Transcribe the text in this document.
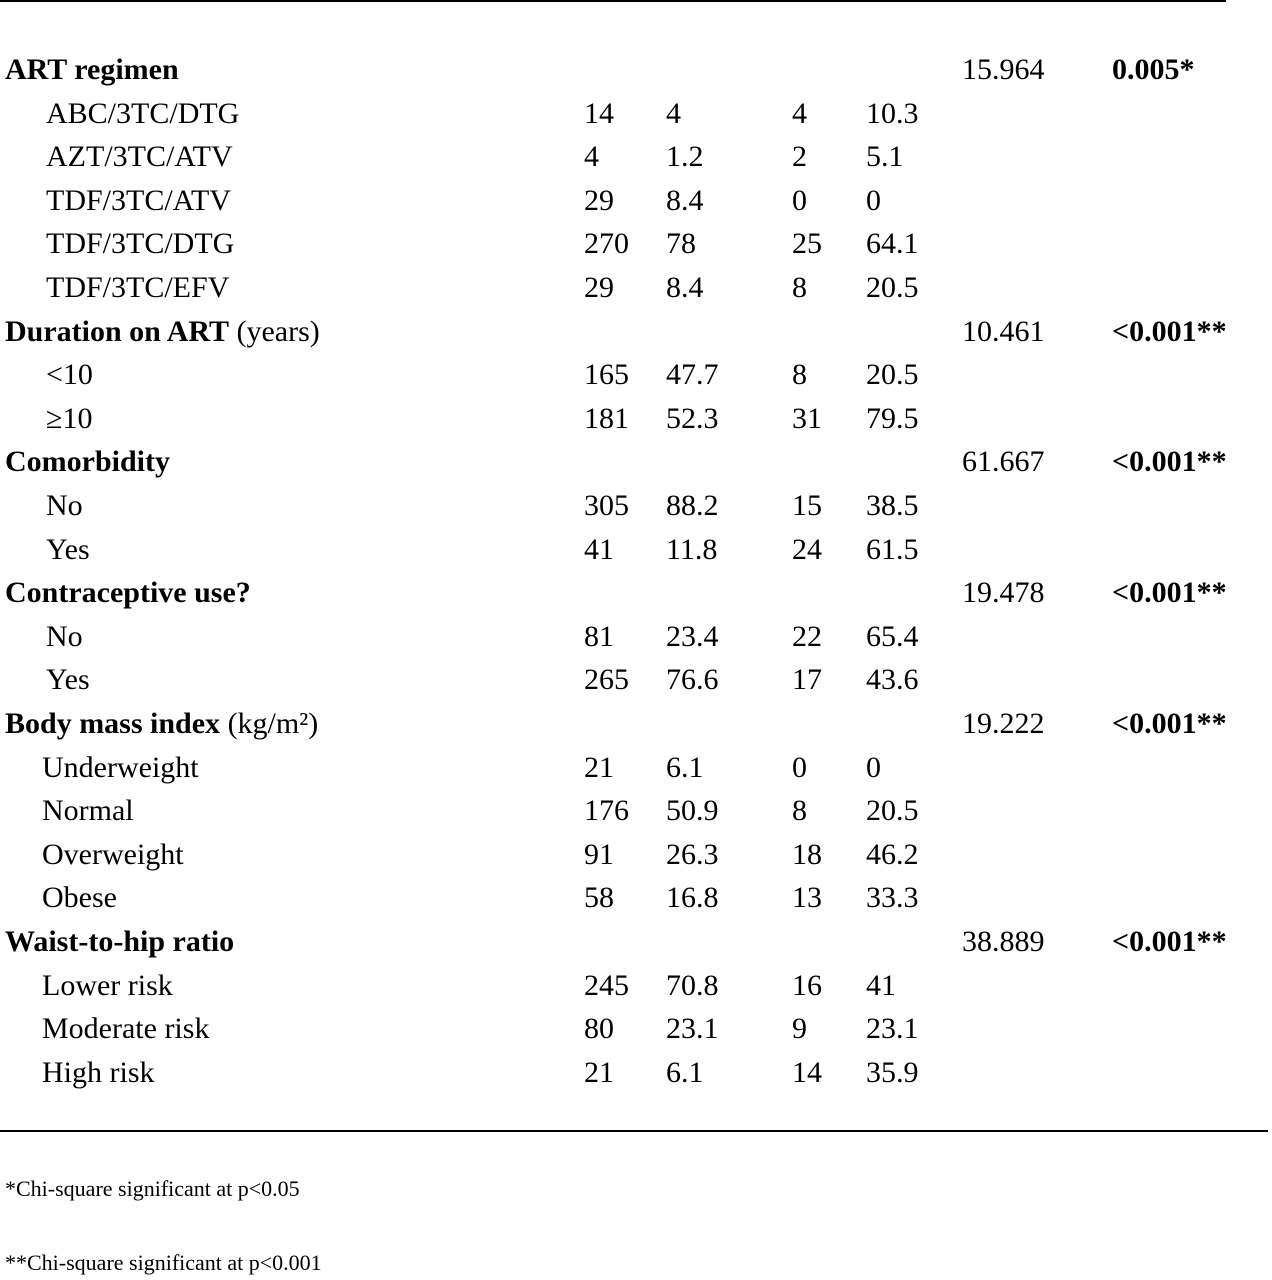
ART regimen	15.964 0.005*
ABC/3TC/DTG	14 4	4 10.3
AZT/3TC/ATV	4 1.2	2 5.1
TDF/3TC/ATV	29 8.4	0 0
TDF/3TC/DTG	270 78	25 64.1
TDF/3TC/EFV	29 8.4	8 20.5
Duration on ART (years)	10.461 <0.001**
<10	165 47.7 8 20.5
≥10	181 52.3 31 79.5
Comorbidity	61.667 <0.001**
No	305 88.2 15 38.5
Yes	41 11.8 24 61.5
Contraceptive use?	19.478 <0.001**
No	81 23.4 22 65.4
Yes	265 76.6 17 43.6
Body mass index (kg/m²)	19.222 <0.001**
Underweight	21 6.1	0 0
Normal	176 50.9 8 20.5
Overweight	91 26.3 18 46.2
Obese	58 16.8 13 33.3
Waist-to-hip ratio	38.889 <0.001**
Lower risk	245 70.8 16 41
Moderate risk	80 23.1 9 23.1
High risk	21 6.1	14 35.9
*Chi-square significant at p<0.05
**Chi-square significant at p<0.001
